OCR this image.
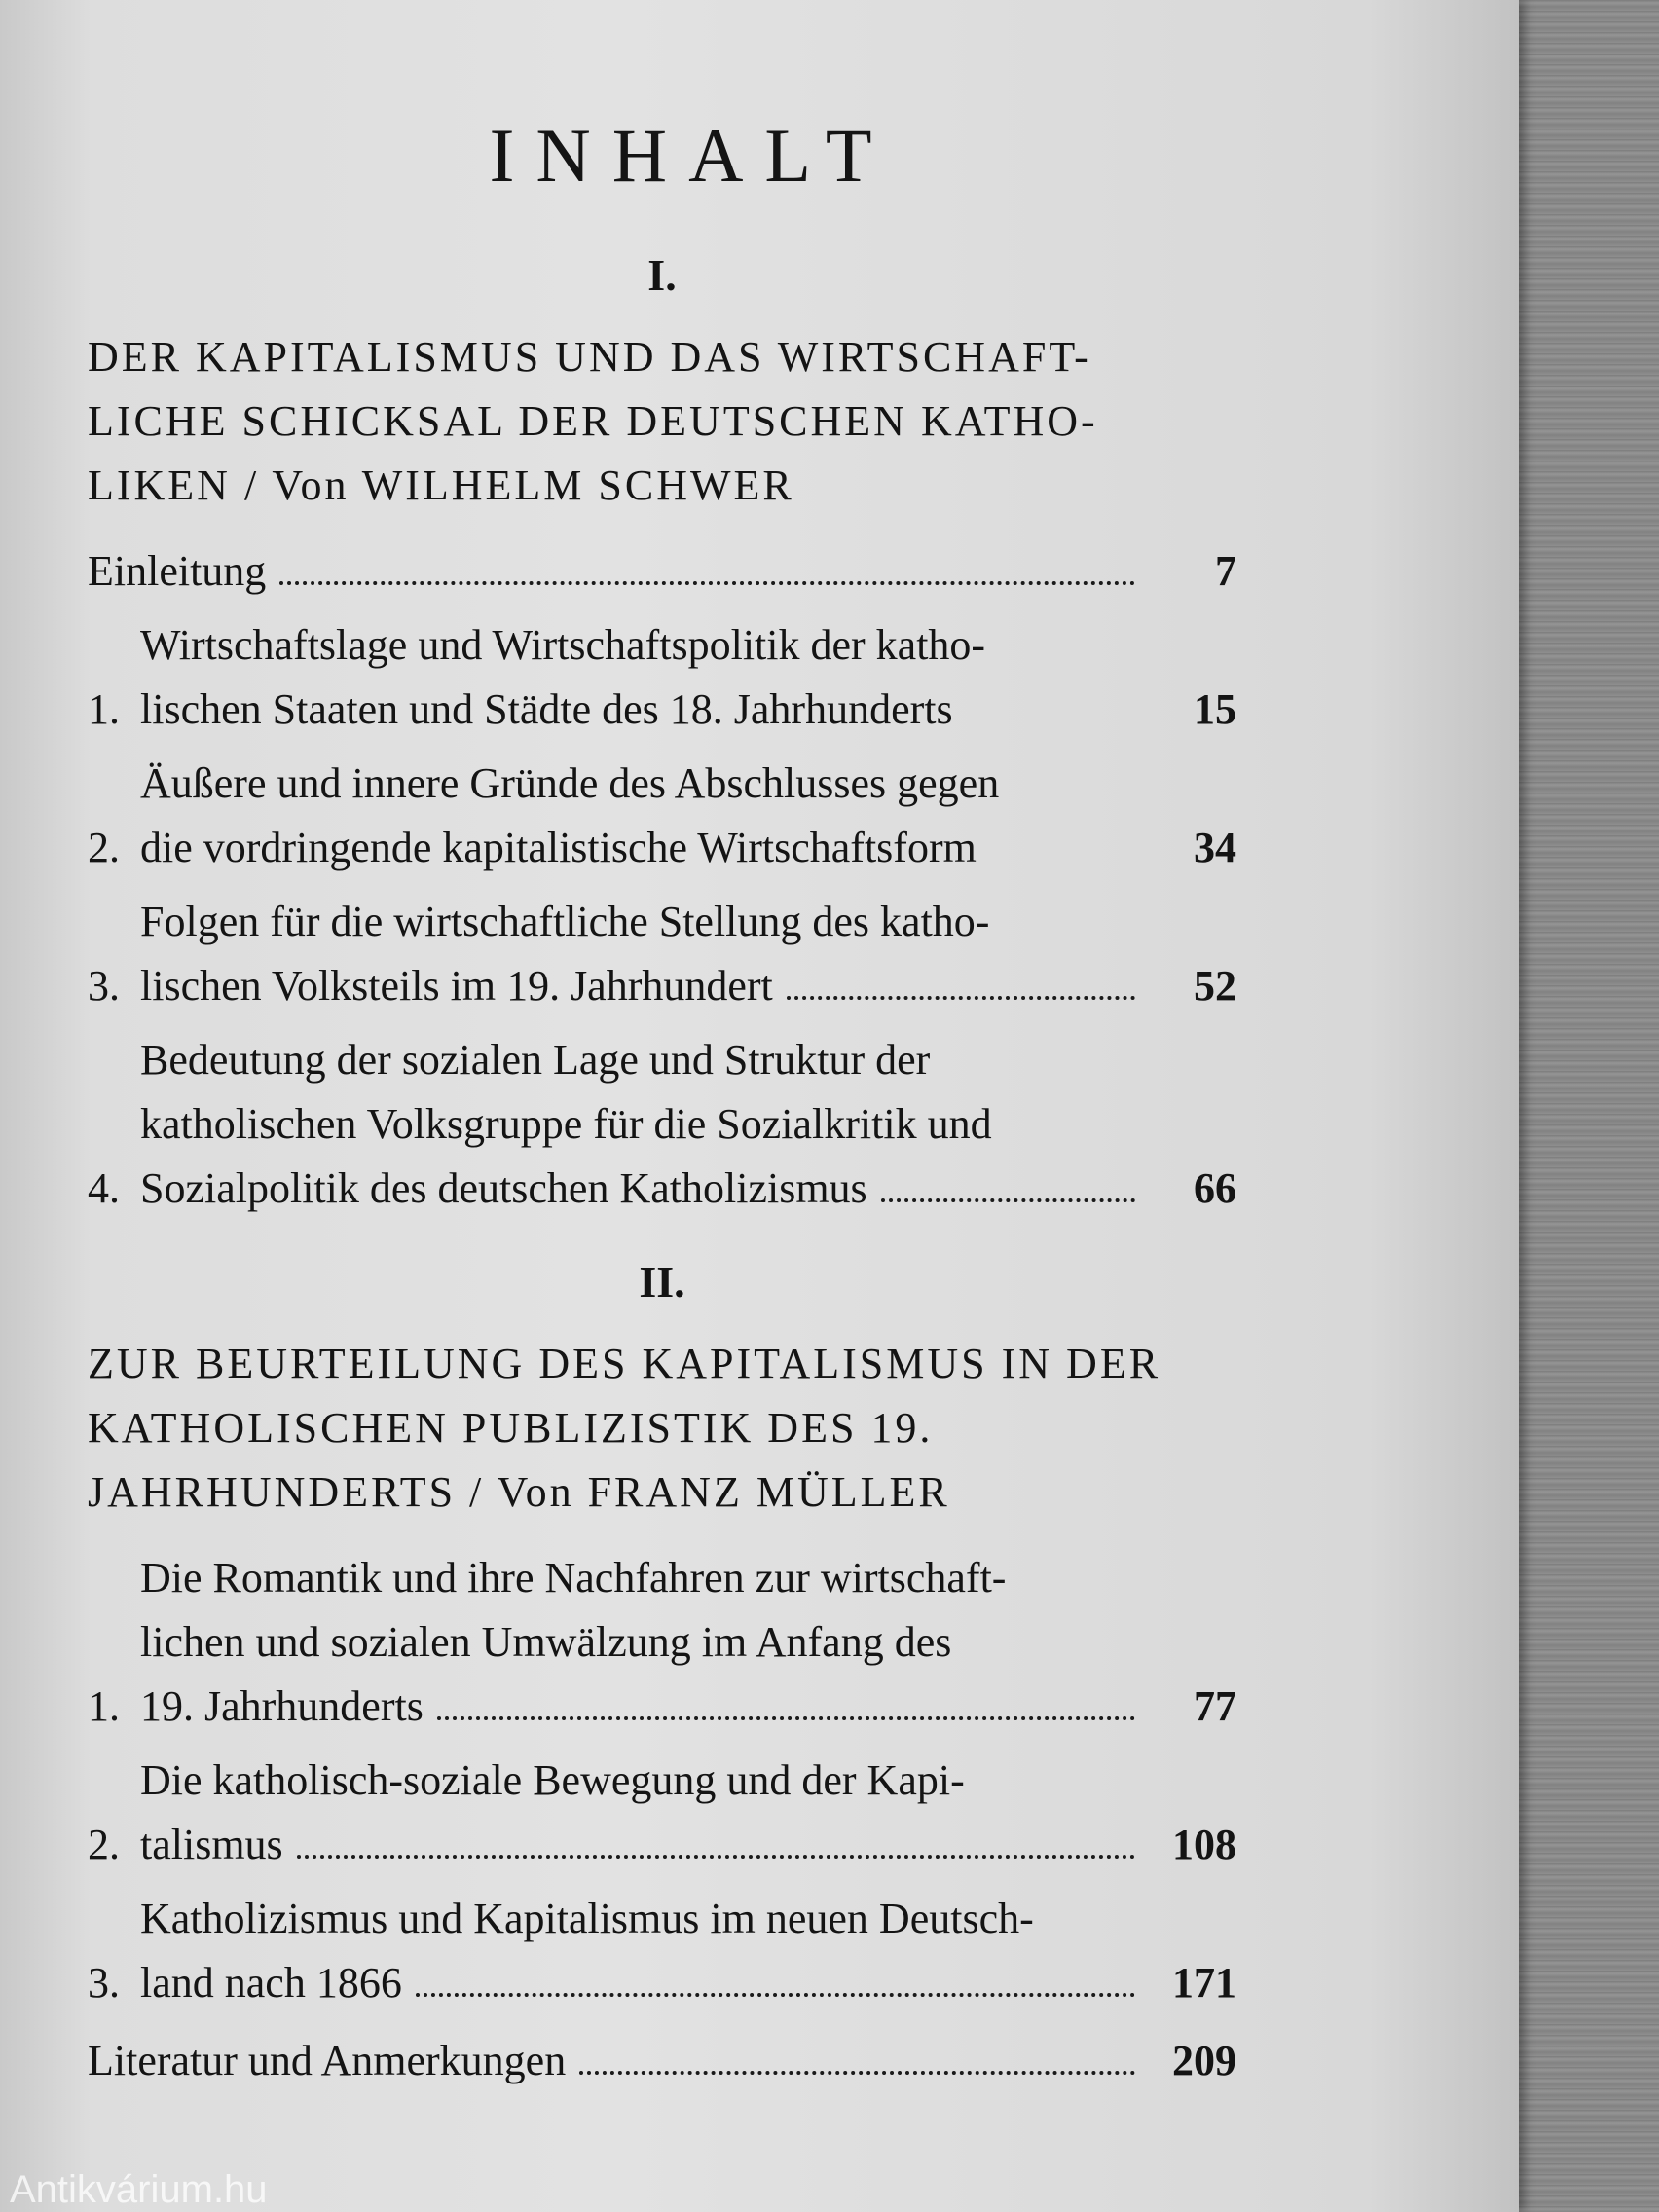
INHALT
I.
DER KAPITALISMUS UND DAS WIRTSCHAFT-LICHE SCHICKSAL DER DEUTSCHEN KATHO-LIKEN / Von WILHELM SCHWER
Einleitung	7
1.
Wirtschaftslage und Wirtschaftspolitik der katho-
lischen Staaten und Städte des 18. Jahrhunderts	15
2.
Äußere und innere Gründe des Abschlusses gegen
die vordringende kapitalistische Wirtschaftsform	34
3.
Folgen für die wirtschaftliche Stellung des katho-
lischen Volksteils im 19. Jahrhundert	52
4.
Bedeutung der sozialen Lage und Struktur der
katholischen Volksgruppe für die Sozialkritik und
Sozialpolitik des deutschen Katholizismus	66
II.
ZUR BEURTEILUNG DES KAPITALISMUS IN DER KATHOLISCHEN PUBLIZISTIK DES 19. JAHRHUNDERTS / Von FRANZ MÜLLER
1.
Die Romantik und ihre Nachfahren zur wirtschaft-
lichen und sozialen Umwälzung im Anfang des
19. Jahrhunderts	77
2.
Die katholisch-soziale Bewegung und der Kapi-
talismus	108
3.
Katholizismus und Kapitalismus im neuen Deutsch-
land nach 1866	171
Literatur und Anmerkungen	209
Antikvárium.hu
